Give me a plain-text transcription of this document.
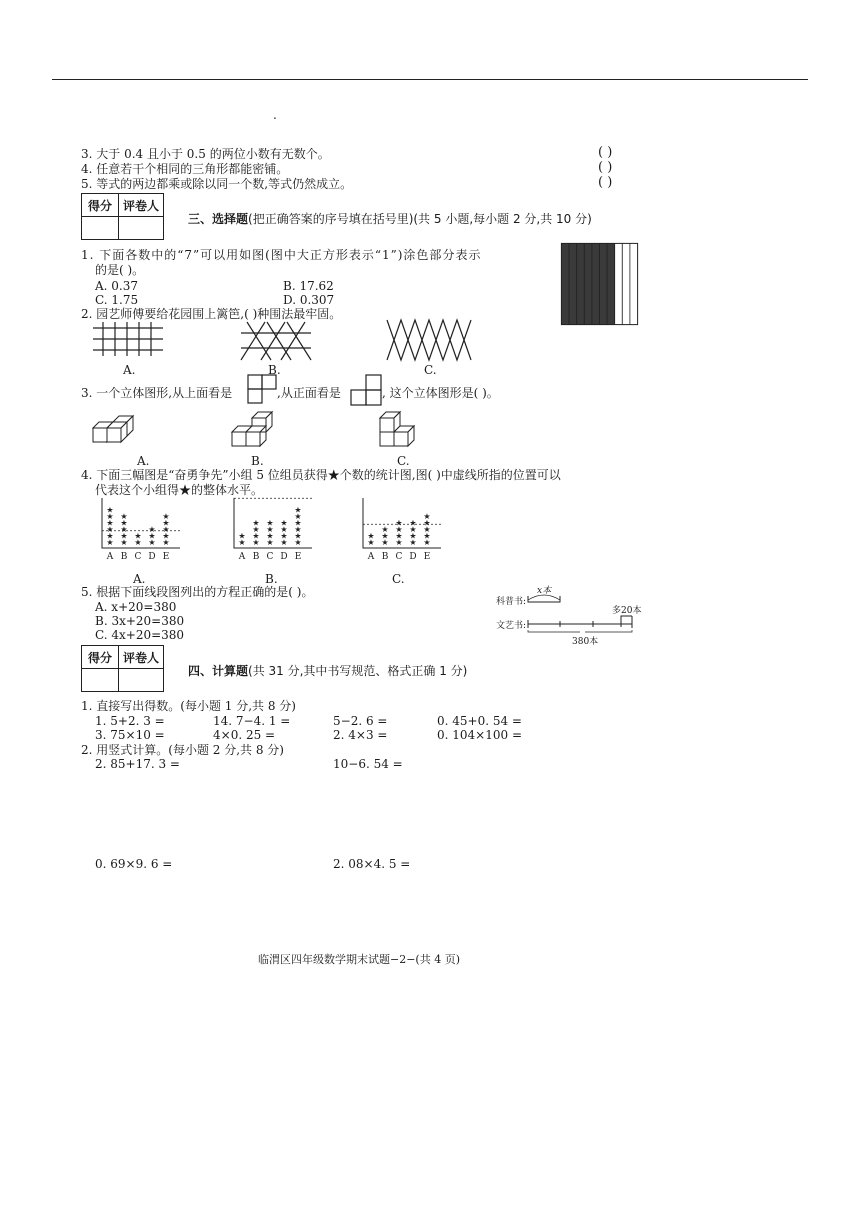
.
3. 大于 0.4 且小于 0.5 的两位小数有无数个。	( )
4. 任意若干个相同的三角形都能密铺。	( )
5. 等式的两边都乘或除以同一个数,等式仍然成立。	( )
得分	评卷人

三、选择题(把正确答案的序号填在括号里)(共 5 小题,每小题 2 分,共 10 分)
1. 下面各数中的“7”可以用如图(图中大正方形表示“1”)涂色部分表示
的是( )。
A. 0.37	B. 17.62
C. 1.75	D. 0.307
2. 园艺师傅要给花园围上篱笆,( )种围法最牢固。
A.	B.	C.
3. 一个立体图形,从上面看是	,从正面看是	, 这个立体图形是( )。
A.	B.	C.
4. 下面三幅图是“奋勇争先”小组 5 位组员获得★个数的统计图,图( )中虚线所指的位置可以
代表这个小组得★的整体水平。
★
★
★
★
★
★
A
★
★
★
★
★
B
★
★
C
★
★
★
D
★
★
★
★
★
E
★
★
A
★
★
★
★
B
★
★
★
★
C
★
★
★
★
D
★
★
★
★
★
★
E
★
★
A
★
★
★
B
★
★
★
★
C
★
★
★
★
D
★
★
★
★
★
E
A.	B.	C.
5. 根据下面线段图列出的方程正确的是( )。
A. x+20=380
B. 3x+20=380
C. 4x+20=380
科普书:
x本
多20本
文艺书:
380本
得分	评卷人

四、计算题(共 31 分,其中书写规范、格式正确 1 分)
1. 直接写出得数。(每小题 1 分,共 8 分)
1. 5+2. 3 =	14. 7−4. 1 =	5−2. 6 =	0. 45+0. 54 =
3. 75×10 =	4×0. 25 =	2. 4×3 =	0. 104×100 =
2. 用竖式计算。(每小题 2 分,共 8 分)
2. 85+17. 3 =	10−6. 54 =
0. 69×9. 6 =	2. 08×4. 5 =
临渭区四年级数学期末试题−2−(共 4 页)
